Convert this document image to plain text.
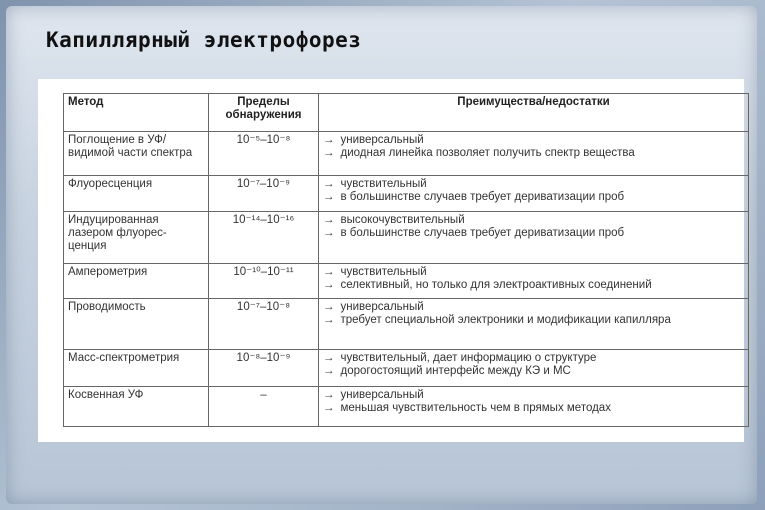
Капиллярный электрофорез
Метод	Пределы обнаружения	Преимущества/недостатки
Поглощение в УФ/видимой части спектра	10⁻⁵–10⁻⁸	→ универсальный
→ диодная линейка позволяет получить спектр вещества

Флуоресценция	10⁻⁷–10⁻⁹	→ чувствительный
→ в большинстве случаев требует дериватизации проб

Индуцированная лазером флуорес- ценция	10⁻¹⁴–10⁻¹⁶	→ высокочувствительный
→ в большинстве случаев требует дериватизации проб

Амперометрия	10⁻¹⁰–10⁻¹¹	→ чувствительный
→ селективный, но только для электроактивных соединений

Проводимость	10⁻⁷–10⁻⁸	→ универсальный
→ требует специальной электроники и модификации капилляра

Масс-спектрометрия	10⁻⁸–10⁻⁹	→ чувствительный, дает информацию о структуре
→ дорогостоящий интерфейс между КЭ и МС

Косвенная УФ	–	→ универсальный
→ меньшая чувствительность чем в прямых методах
